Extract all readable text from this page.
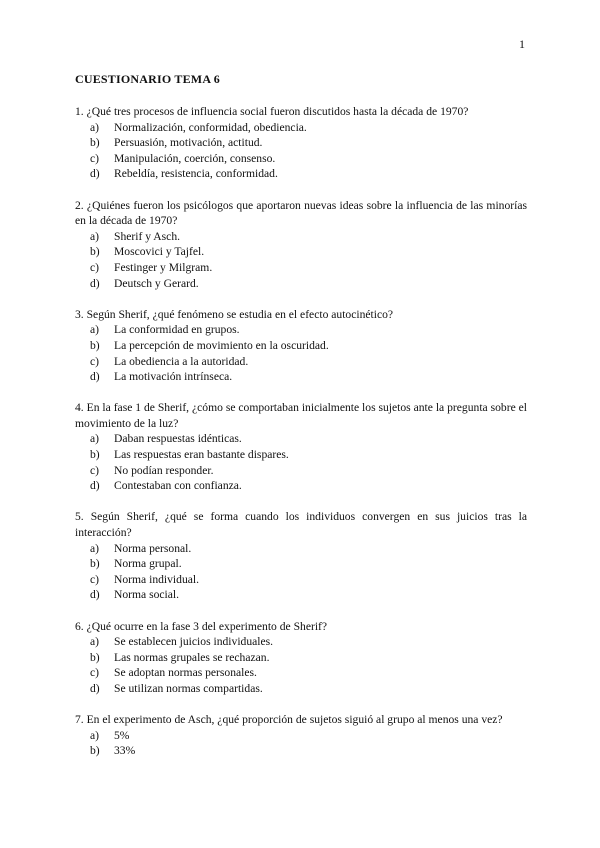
1
CUESTIONARIO TEMA 6
1. ¿Qué tres procesos de influencia social fueron discutidos hasta la década de 1970?
a)	Normalización, conformidad, obediencia.
b)	Persuasión, motivación, actitud.
c)	Manipulación, coerción, consenso.
d)	Rebeldía, resistencia, conformidad.
2. ¿Quiénes fueron los psicólogos que aportaron nuevas ideas sobre la influencia de las minorías en la década de 1970?
a)	Sherif y Asch.
b)	Moscovici y Tajfel.
c)	Festinger y Milgram.
d)	Deutsch y Gerard.
3. Según Sherif, ¿qué fenómeno se estudia en el efecto autocinético?
a)	La conformidad en grupos.
b)	La percepción de movimiento en la oscuridad.
c)	La obediencia a la autoridad.
d)	La motivación intrínseca.
4. En la fase 1 de Sherif, ¿cómo se comportaban inicialmente los sujetos ante la pregunta sobre el movimiento de la luz?
a)	Daban respuestas idénticas.
b)	Las respuestas eran bastante dispares.
c)	No podían responder.
d)	Contestaban con confianza.
5. Según Sherif, ¿qué se forma cuando los individuos convergen en sus juicios tras la interacción?
a)	Norma personal.
b)	Norma grupal.
c)	Norma individual.
d)	Norma social.
6. ¿Qué ocurre en la fase 3 del experimento de Sherif?
a)	Se establecen juicios individuales.
b)	Las normas grupales se rechazan.
c)	Se adoptan normas personales.
d)	Se utilizan normas compartidas.
7. En el experimento de Asch, ¿qué proporción de sujetos siguió al grupo al menos una vez?
a)	5%
b)	33%
